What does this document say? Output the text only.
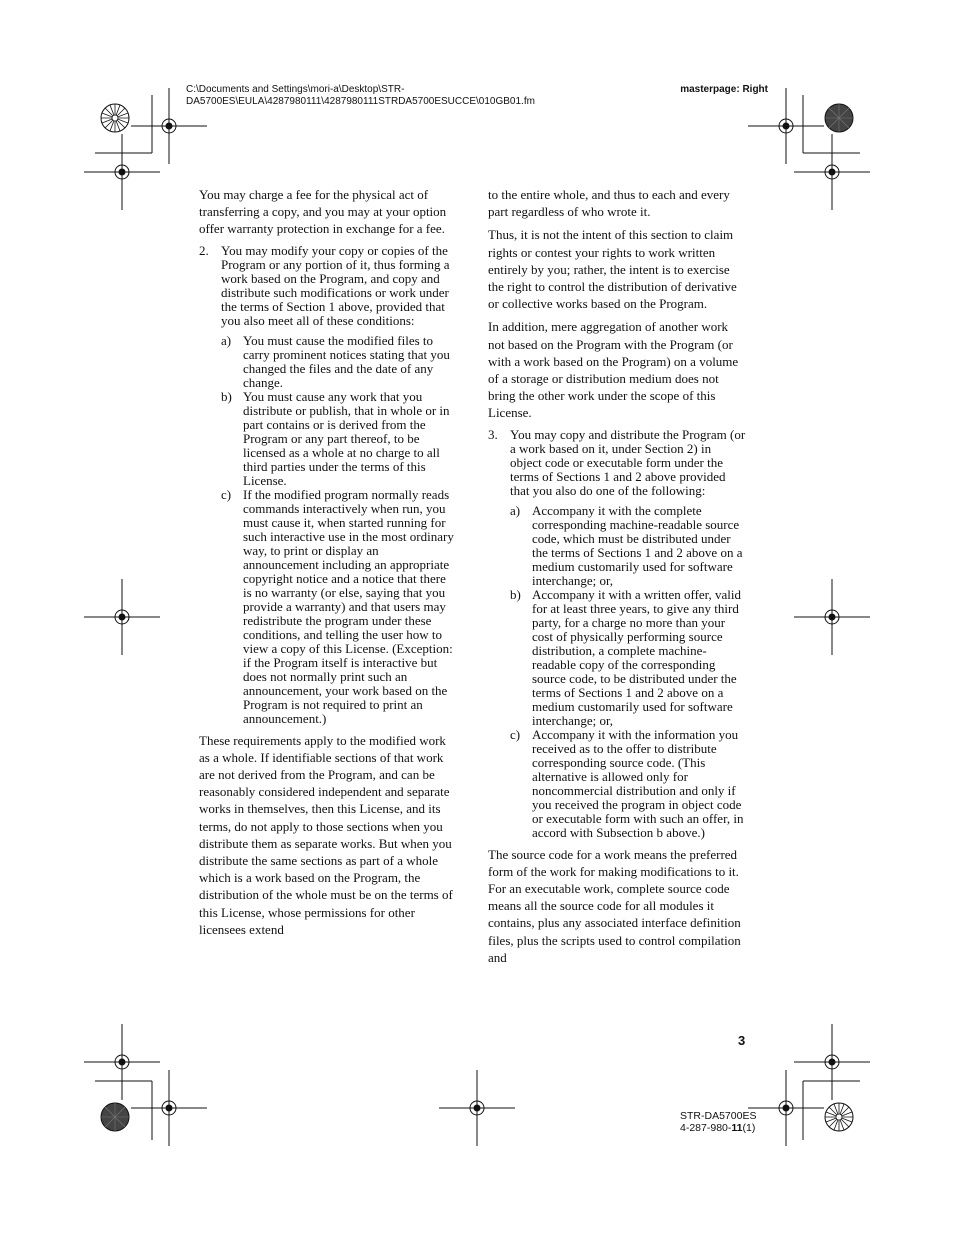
C:\Documents and Settings\mori-a\Desktop\STR-
DA5700ES\EULA\4287980111\4287980111STRDA5700ESUCCE\010GB01.fm
masterpage: Right

You may charge a fee for the physical act of transferring a copy, and you may at your option offer warranty protection in exchange for a fee.

2. You may modify your copy or copies of the Program or any portion of it, thus forming a work based on the Program, and copy and distribute such modifications or work under the terms of Section 1 above, provided that you also meet all of these conditions:
a) You must cause the modified files to carry prominent notices stating that you changed the files and the date of any change.
b) You must cause any work that you distribute or publish, that in whole or in part contains or is derived from the Program or any part thereof, to be licensed as a whole at no charge to all third parties under the terms of this License.
c) If the modified program normally reads commands interactively when run, you must cause it, when started running for such interactive use in the most ordinary way, to print or display an announcement including an appropriate copyright notice and a notice that there is no warranty (or else, saying that you provide a warranty) and that users may redistribute the program under these conditions, and telling the user how to view a copy of this License. (Exception: if the Program itself is interactive but does not normally print such an announcement, your work based on the Program is not required to print an announcement.)

These requirements apply to the modified work as a whole. If identifiable sections of that work are not derived from the Program, and can be reasonably considered independent and separate works in themselves, then this License, and its terms, do not apply to those sections when you distribute them as separate works. But when you distribute the same sections as part of a whole which is a work based on the Program, the distribution of the whole must be on the terms of this License, whose permissions for other licensees extend

to the entire whole, and thus to each and every part regardless of who wrote it.

Thus, it is not the intent of this section to claim rights or contest your rights to work written entirely by you; rather, the intent is to exercise the right to control the distribution of derivative or collective works based on the Program.

In addition, mere aggregation of another work not based on the Program with the Program (or with a work based on the Program) on a volume of a storage or distribution medium does not bring the other work under the scope of this License.

3. You may copy and distribute the Program (or a work based on it, under Section 2) in object code or executable form under the terms of Sections 1 and 2 above provided that you also do one of the following:
a) Accompany it with the complete corresponding machine-readable source code, which must be distributed under the terms of Sections 1 and 2 above on a medium customarily used for software interchange; or,
b) Accompany it with a written offer, valid for at least three years, to give any third party, for a charge no more than your cost of physically performing source distribution, a complete machine-readable copy of the corresponding source code, to be distributed under the terms of Sections 1 and 2 above on a medium customarily used for software interchange; or,
c) Accompany it with the information you received as to the offer to distribute corresponding source code. (This alternative is allowed only for noncommercial distribution and only if you received the program in object code or executable form with such an offer, in accord with Subsection b above.)

The source code for a work means the preferred form of the work for making modifications to it. For an executable work, complete source code means all the source code for all modules it contains, plus any associated interface definition files, plus the scripts used to control compilation and

3
STR-DA5700ES
4-287-980-11(1)
